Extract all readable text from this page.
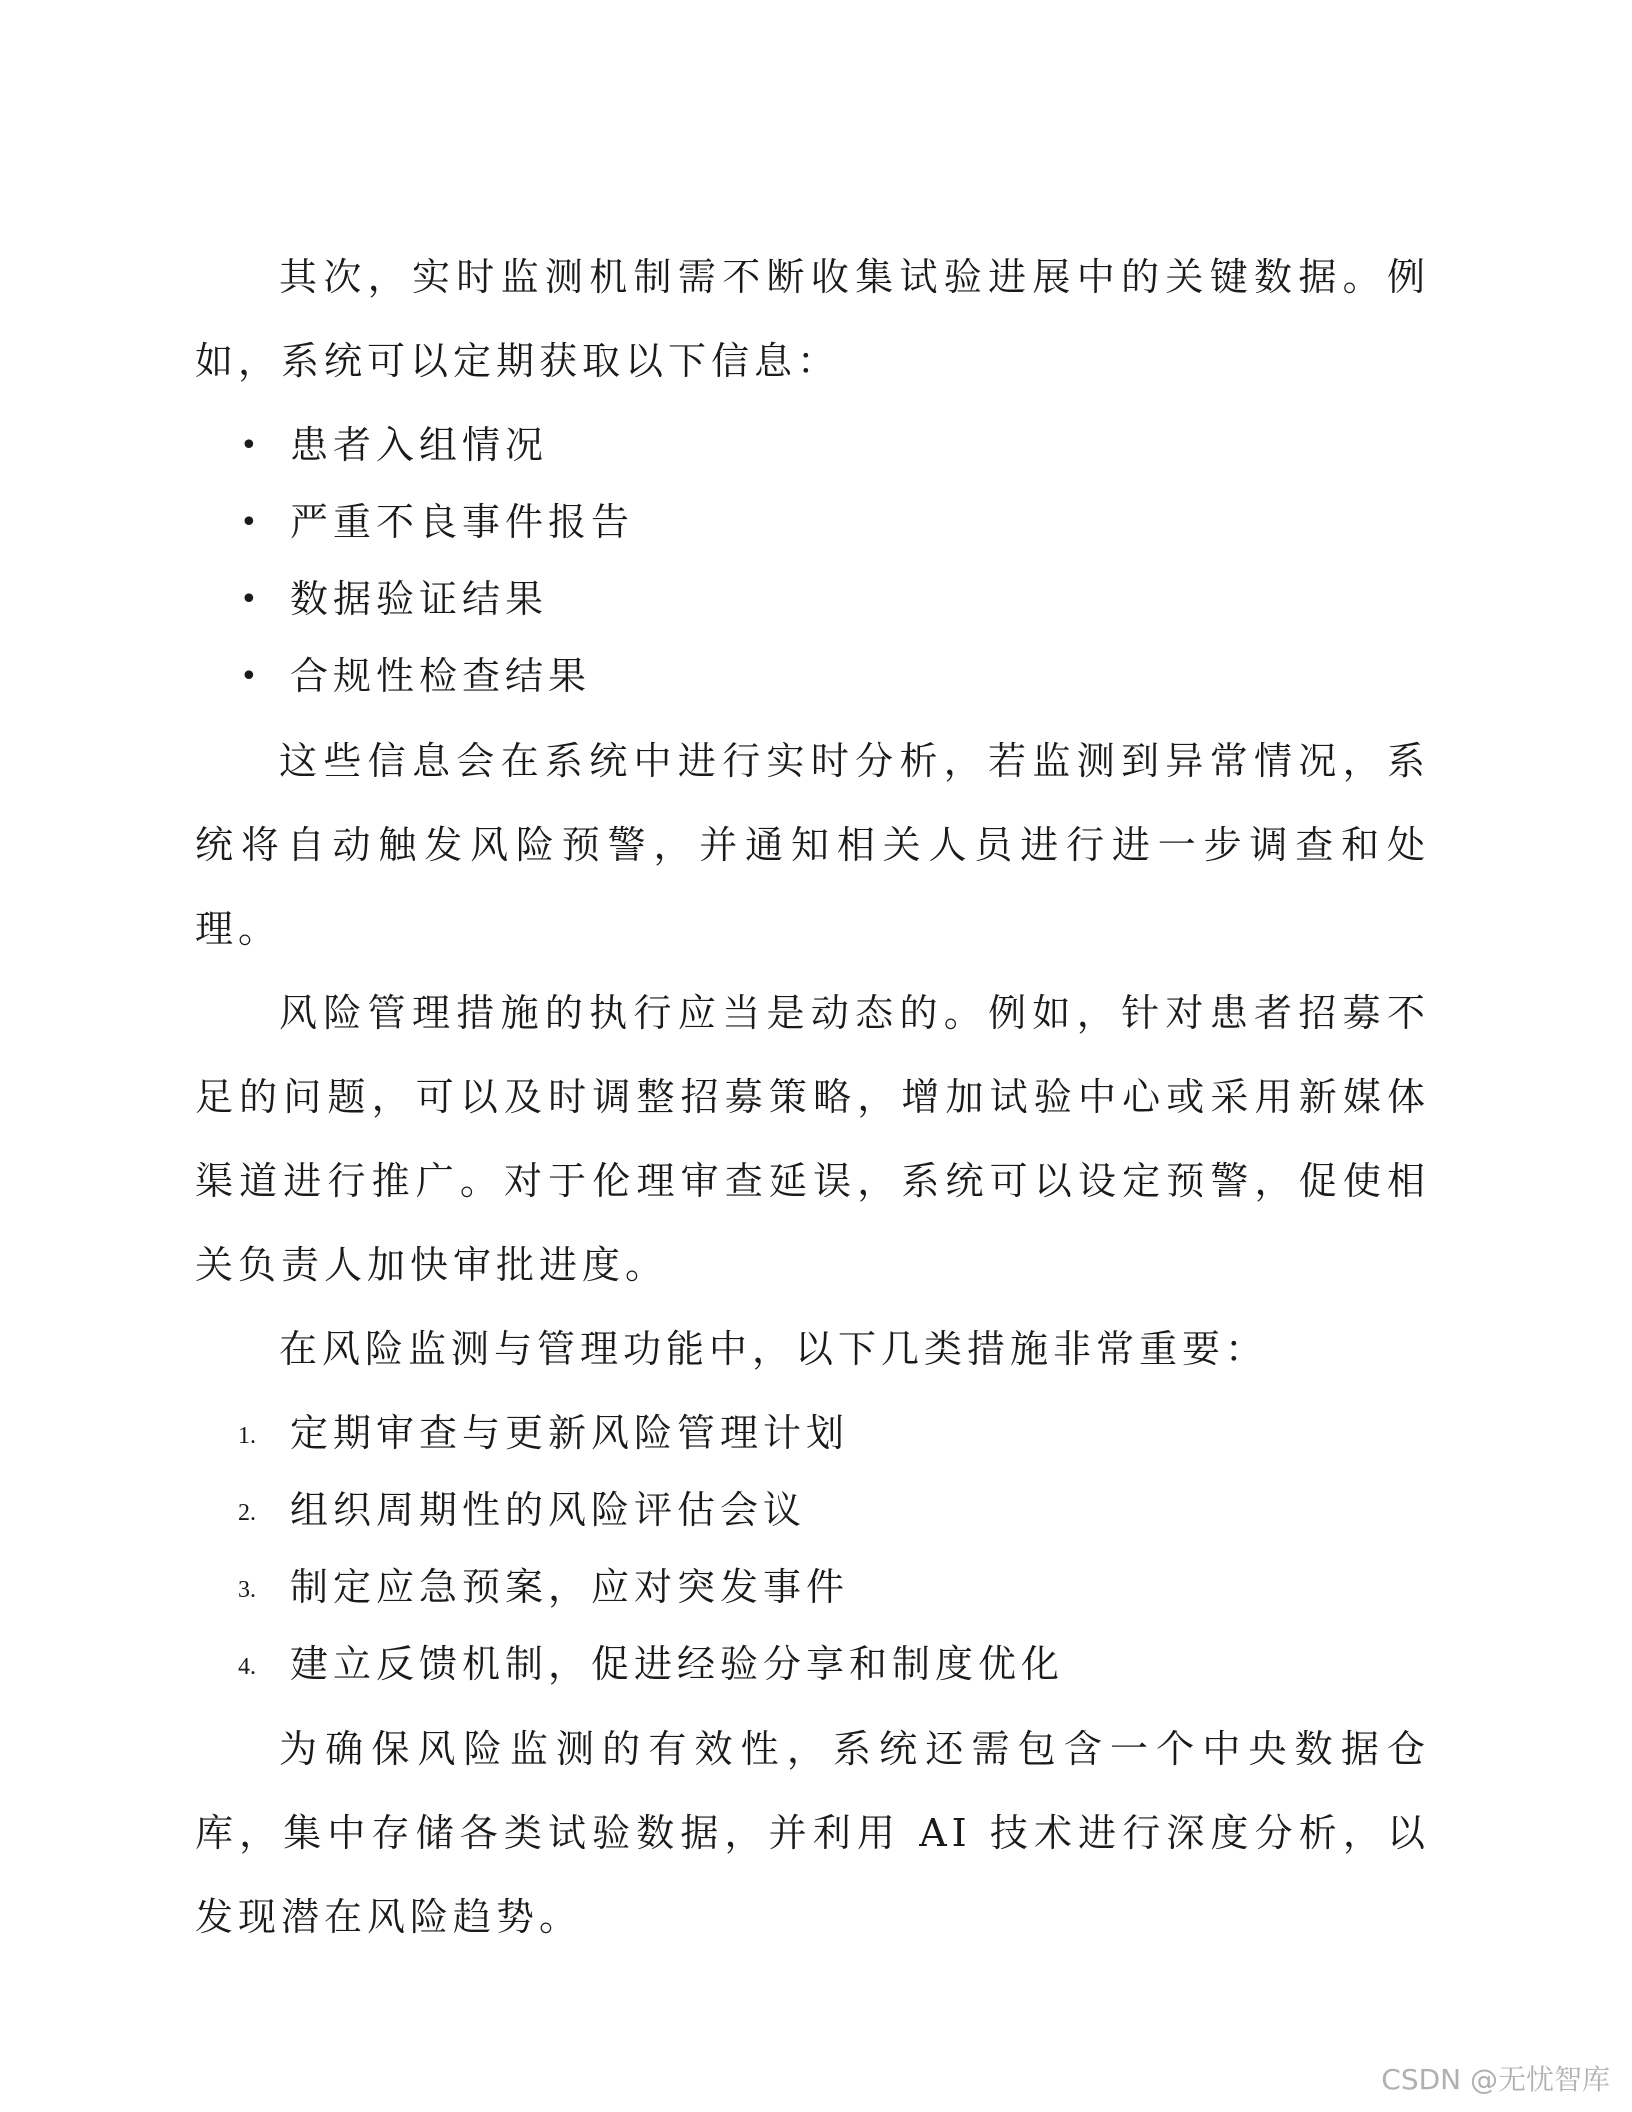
其次，实时监测机制需不断收集试验进展中的关键数据。例如，系统可以定期获取以下信息：

• 患者入组情况
• 严重不良事件报告
• 数据验证结果
• 合规性检查结果

这些信息会在系统中进行实时分析，若监测到异常情况，系统将自动触发风险预警，并通知相关人员进行进一步调查和处理。

风险管理措施的执行应当是动态的。例如，针对患者招募不足的问题，可以及时调整招募策略，增加试验中心或采用新媒体渠道进行推广。对于伦理审查延误，系统可以设定预警，促使相关负责人加快审批进度。

在风险监测与管理功能中，以下几类措施非常重要：

1. 定期审查与更新风险管理计划
2. 组织周期性的风险评估会议
3. 制定应急预案，应对突发事件
4. 建立反馈机制，促进经验分享和制度优化

为确保风险监测的有效性，系统还需包含一个中央数据仓库，集中存储各类试验数据，并利用 AI 技术进行深度分析，以发现潜在风险趋势。

CSDN @无忧智库
